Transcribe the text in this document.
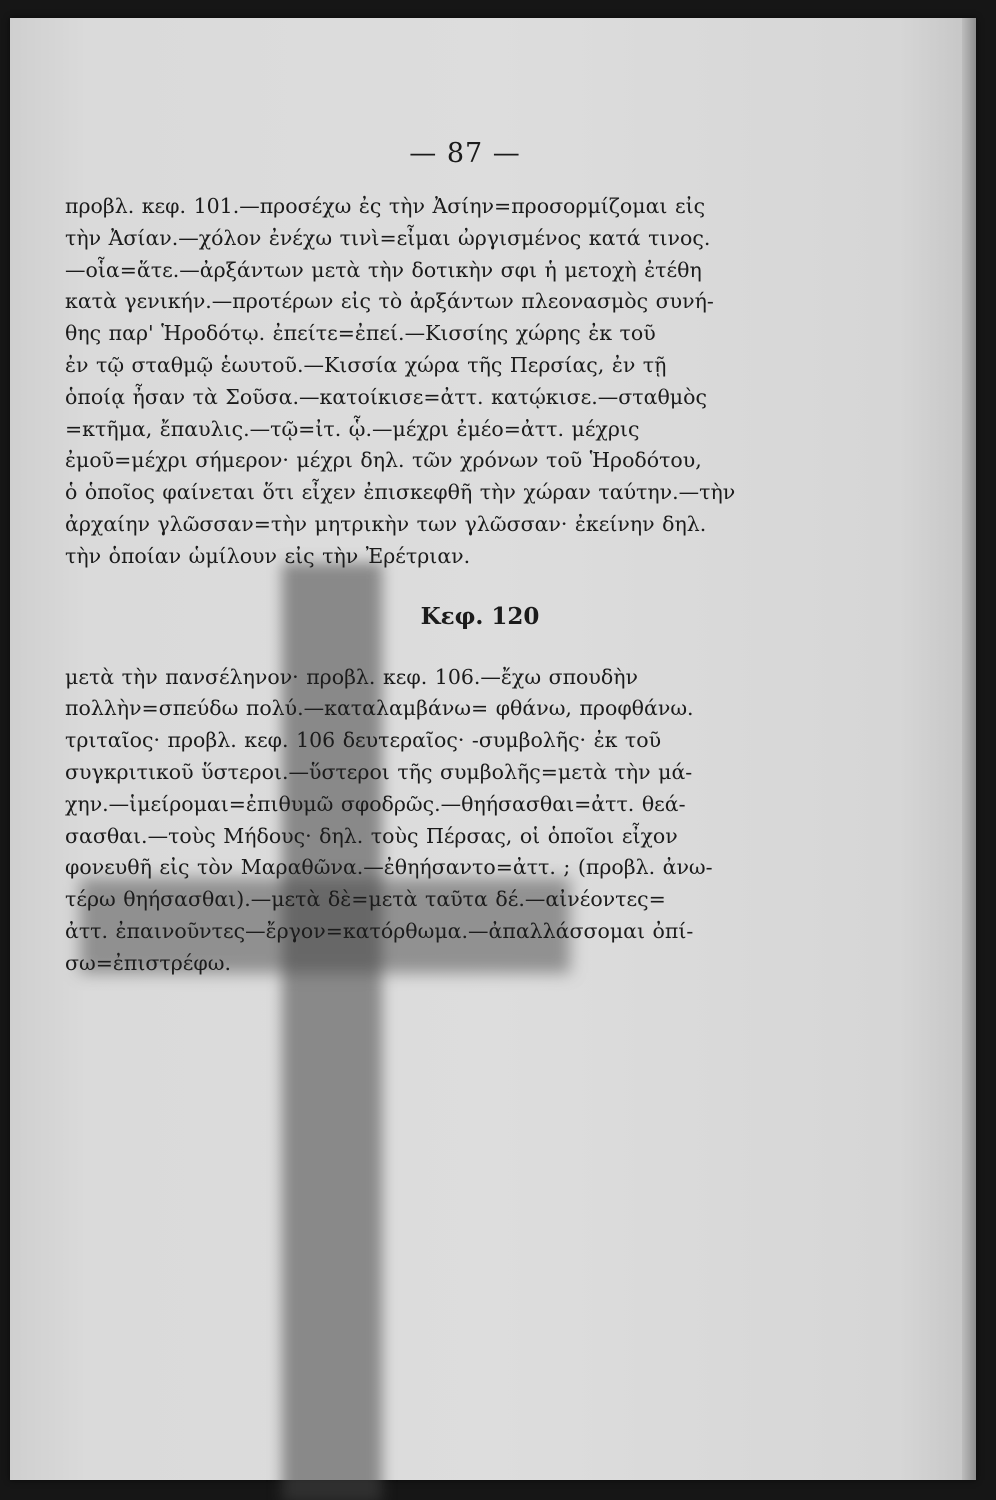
— 87 —
προβλ. κεφ. 101.—προσέχω ἐς τὴν Ἀσίην=προσορμίζομαι εἰς
τὴν Ἀσίαν.—χόλον ἐνέχω τινὶ=εἶμαι ὠργισμένος κατά τινος.
—οἷα=ἅτε.—ἀρξάντων μετὰ τὴν δοτικὴν σφι ἡ μετοχὴ ἐτέθη
κατὰ γενικήν.—προτέρων εἰς τὸ ἀρξάντων πλεονασμὸς συνή-
θης παρ' Ἡροδότῳ. ἐπείτε=ἐπεί.—Κισσίης χώρης ἐκ τοῦ
ἐν τῷ σταθμῷ ἑωυτοῦ.—Κισσία χώρα τῆς Περσίας, ἐν τῇ
ὁποίᾳ ἦσαν τὰ Σοῦσα.—κατοίκισε=ἀττ. κατῴκισε.—σταθμὸς
=κτῆμα, ἔπαυλις.—τῷ=ἰτ. ᾧ.—μέχρι ἐμέο=ἀττ. μέχρις
ἐμοῦ=μέχρι σήμερον· μέχρι δηλ. τῶν χρόνων τοῦ Ἡροδότου,
ὁ ὁποῖος φαίνεται ὅτι εἶχεν ἐπισκεφθῆ τὴν χώραν ταύτην.—τὴν
ἀρχαίην γλῶσσαν=τὴν μητρικὴν των γλῶσσαν· ἐκείνην δηλ.
τὴν ὁποίαν ὡμίλουν εἰς τὴν Ἐρέτριαν.
Κεφ. 120
μετὰ τὴν πανσέληνον· προβλ. κεφ. 106.—ἔχω σπουδὴν
πολλὴν=σπεύδω πολύ.—καταλαμβάνω= φθάνω, προφθάνω.
τριταῖος· προβλ. κεφ. 106 δευτεραῖος· -συμβολῆς· ἐκ τοῦ
συγκριτικοῦ ὕστεροι.—ὕστεροι τῆς συμβολῆς=μετὰ τὴν μά-
χην.—ἱμείρομαι=ἐπιθυμῶ σφοδρῶς.—θηήσασθαι=ἀττ. θεά-
σασθαι.—τοὺς Μήδους· δηλ. τοὺς Πέρσας, οἱ ὁποῖοι εἶχον
φονευθῆ εἰς τὸν Μαραθῶνα.—ἐθηήσαντο=ἀττ. ; (προβλ. ἀνω-
τέρω θηήσασθαι).—μετὰ δὲ=μετὰ ταῦτα δέ.—αἰνέοντες=
ἀττ. ἐπαινοῦντες—ἔργον=κατόρθωμα.—ἀπαλλάσσομαι ὀπί-
σω=ἐπιστρέφω.
